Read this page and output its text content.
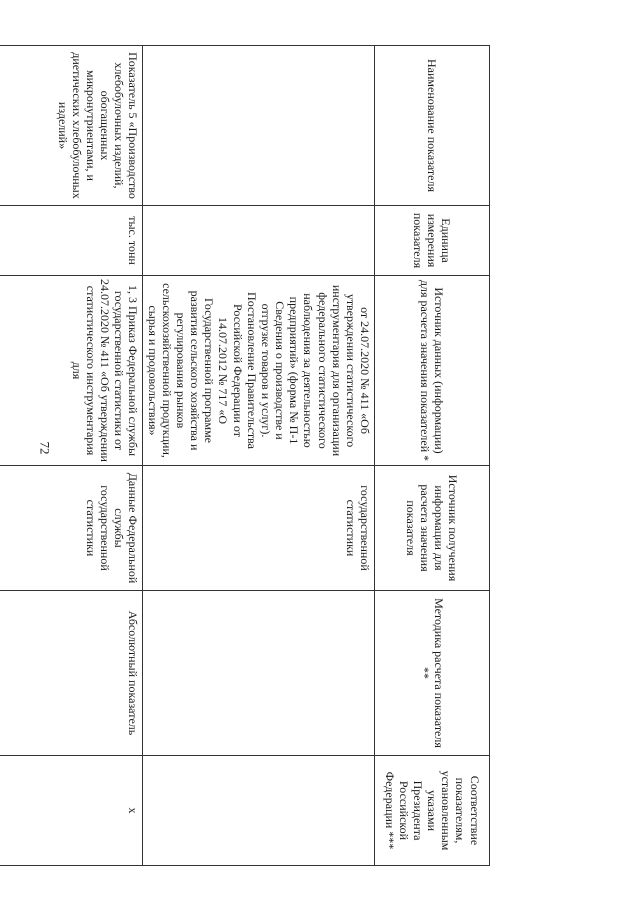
72
Наименование показателя	Единица измерения показателя	Источник данных (информации) для расчета значения показателей *	Источник получения информации для расчета значения показателя	Методика расчета показателя **	Соответствие показателям, установленным указами Президента Российской Федерации ***
		от 24.07.2020 № 411 «Об утверждении статистического инструментария для организации федерального статистического наблюдения за деятельностью предприятий» (форма № П-1 Сведения о производстве и отгрузке товаров и услуг). Постановление Правительства Российской Федерации от 14.07.2012 № 717 «О Государственной программе развития сельского хозяйства и регулирования рынков сельскохозяйственной продукции, сырья и продовольствия»	государственной статистики		
Показатель 5 «Производство хлебобулочных изделий, обогащенных микронутриентами, и диетических хлебобулочных изделий»	тыс. тонн	1, 3 Приказ Федеральной службы государственной статистики от 24.07.2020 № 411 «Об утверждении статистического инструментария для	Данные Федеральной службы государственной статистики	Абсолютный показатель	х
